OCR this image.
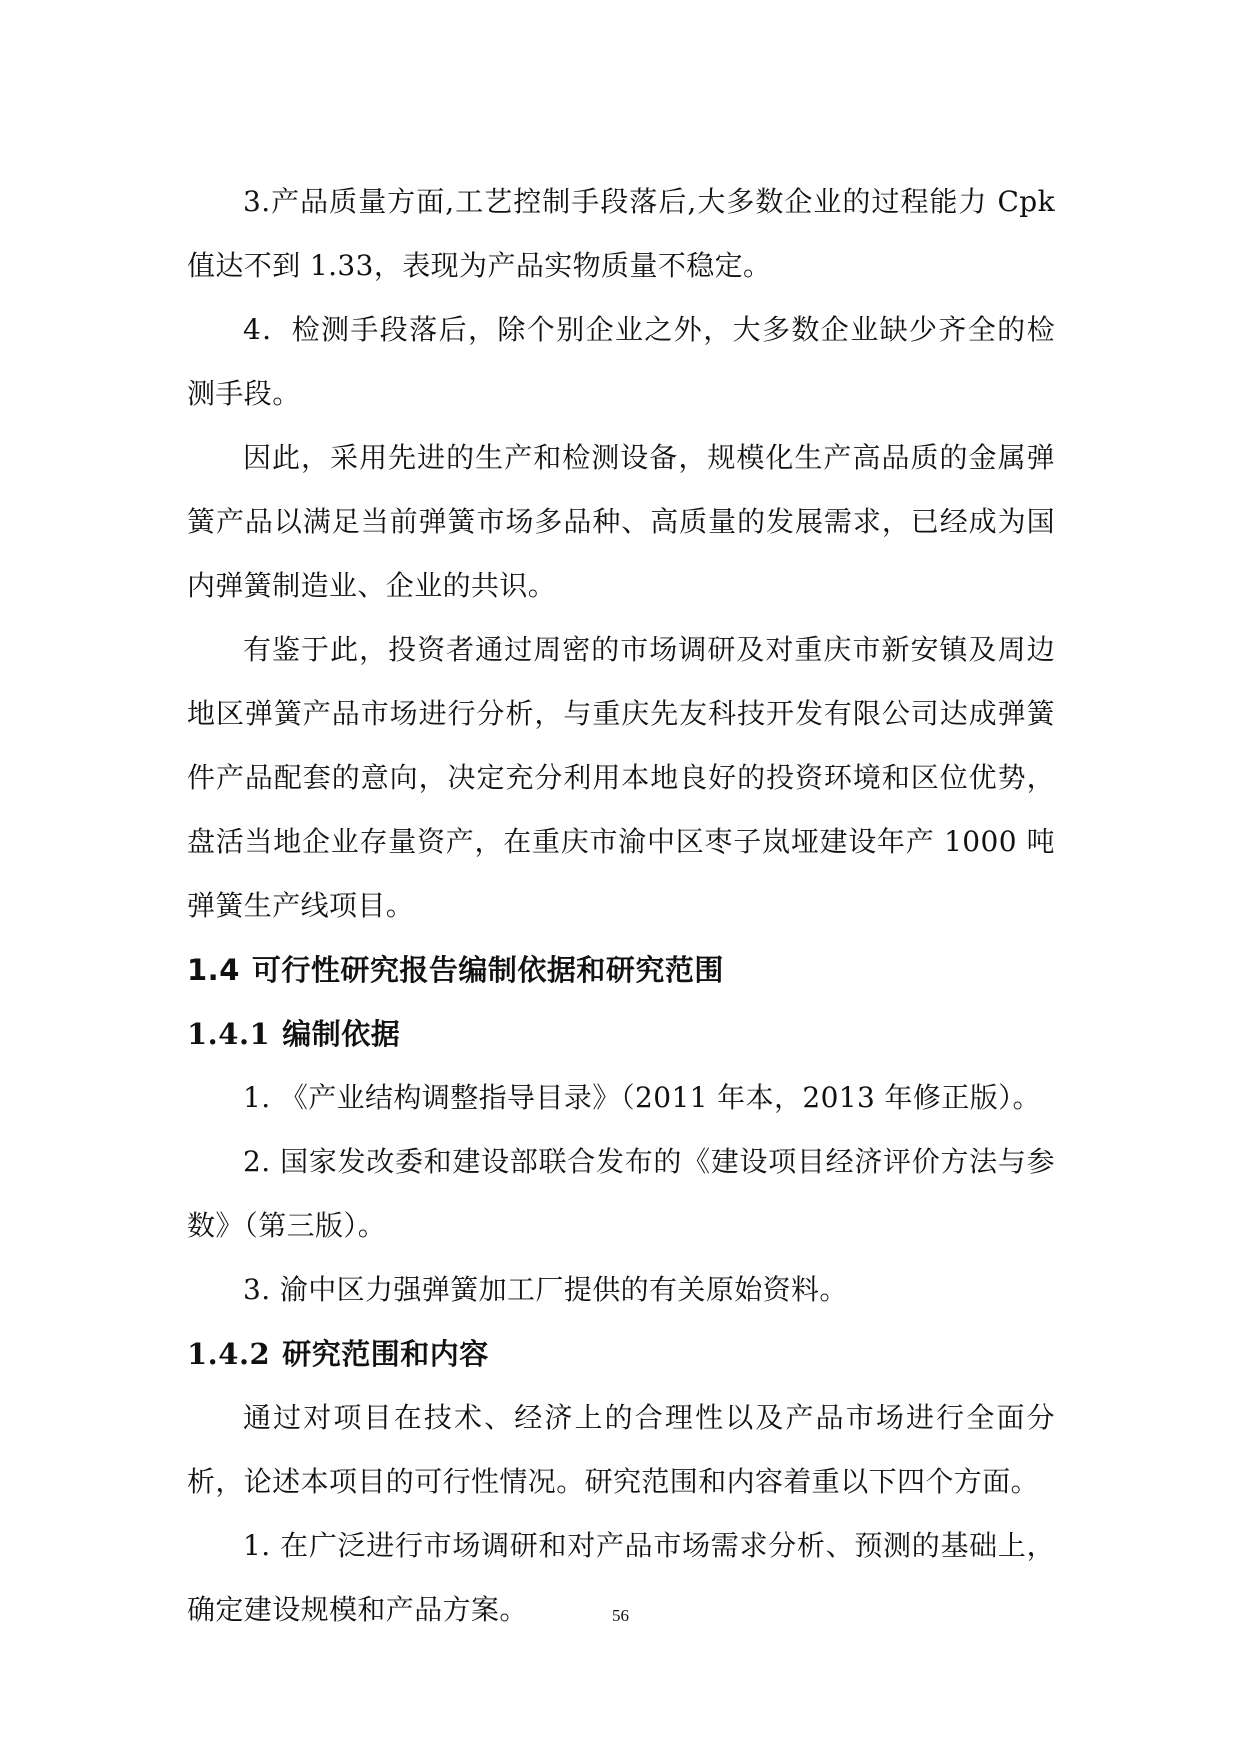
3.产品质量方面,工艺控制手段落后,大多数企业的过程能力 Cpk 值达不到 1.33，表现为产品实物质量不稳定。

4．检测手段落后，除个别企业之外，大多数企业缺少齐全的检测手段。

因此，采用先进的生产和检测设备，规模化生产高品质的金属弹簧产品以满足当前弹簧市场多品种、高质量的发展需求，已经成为国内弹簧制造业、企业的共识。

有鉴于此，投资者通过周密的市场调研及对重庆市新安镇及周边地区弹簧产品市场进行分析，与重庆先友科技开发有限公司达成弹簧件产品配套的意向，决定充分利用本地良好的投资环境和区位优势，盘活当地企业存量资产，在重庆市渝中区枣子岚垭建设年产 1000 吨弹簧生产线项目。

1.4 可行性研究报告编制依据和研究范围
1.4.1 编制依据

1. 《产业结构调整指导目录》（2011 年本，2013 年修正版）。

2. 国家发改委和建设部联合发布的《建设项目经济评价方法与参数》（第三版）。

3. 渝中区力强弹簧加工厂提供的有关原始资料。

1.4.2 研究范围和内容

通过对项目在技术、经济上的合理性以及产品市场进行全面分析，论述本项目的可行性情况。研究范围和内容着重以下四个方面。

1. 在广泛进行市场调研和对产品市场需求分析、预测的基础上，确定建设规模和产品方案。	56
